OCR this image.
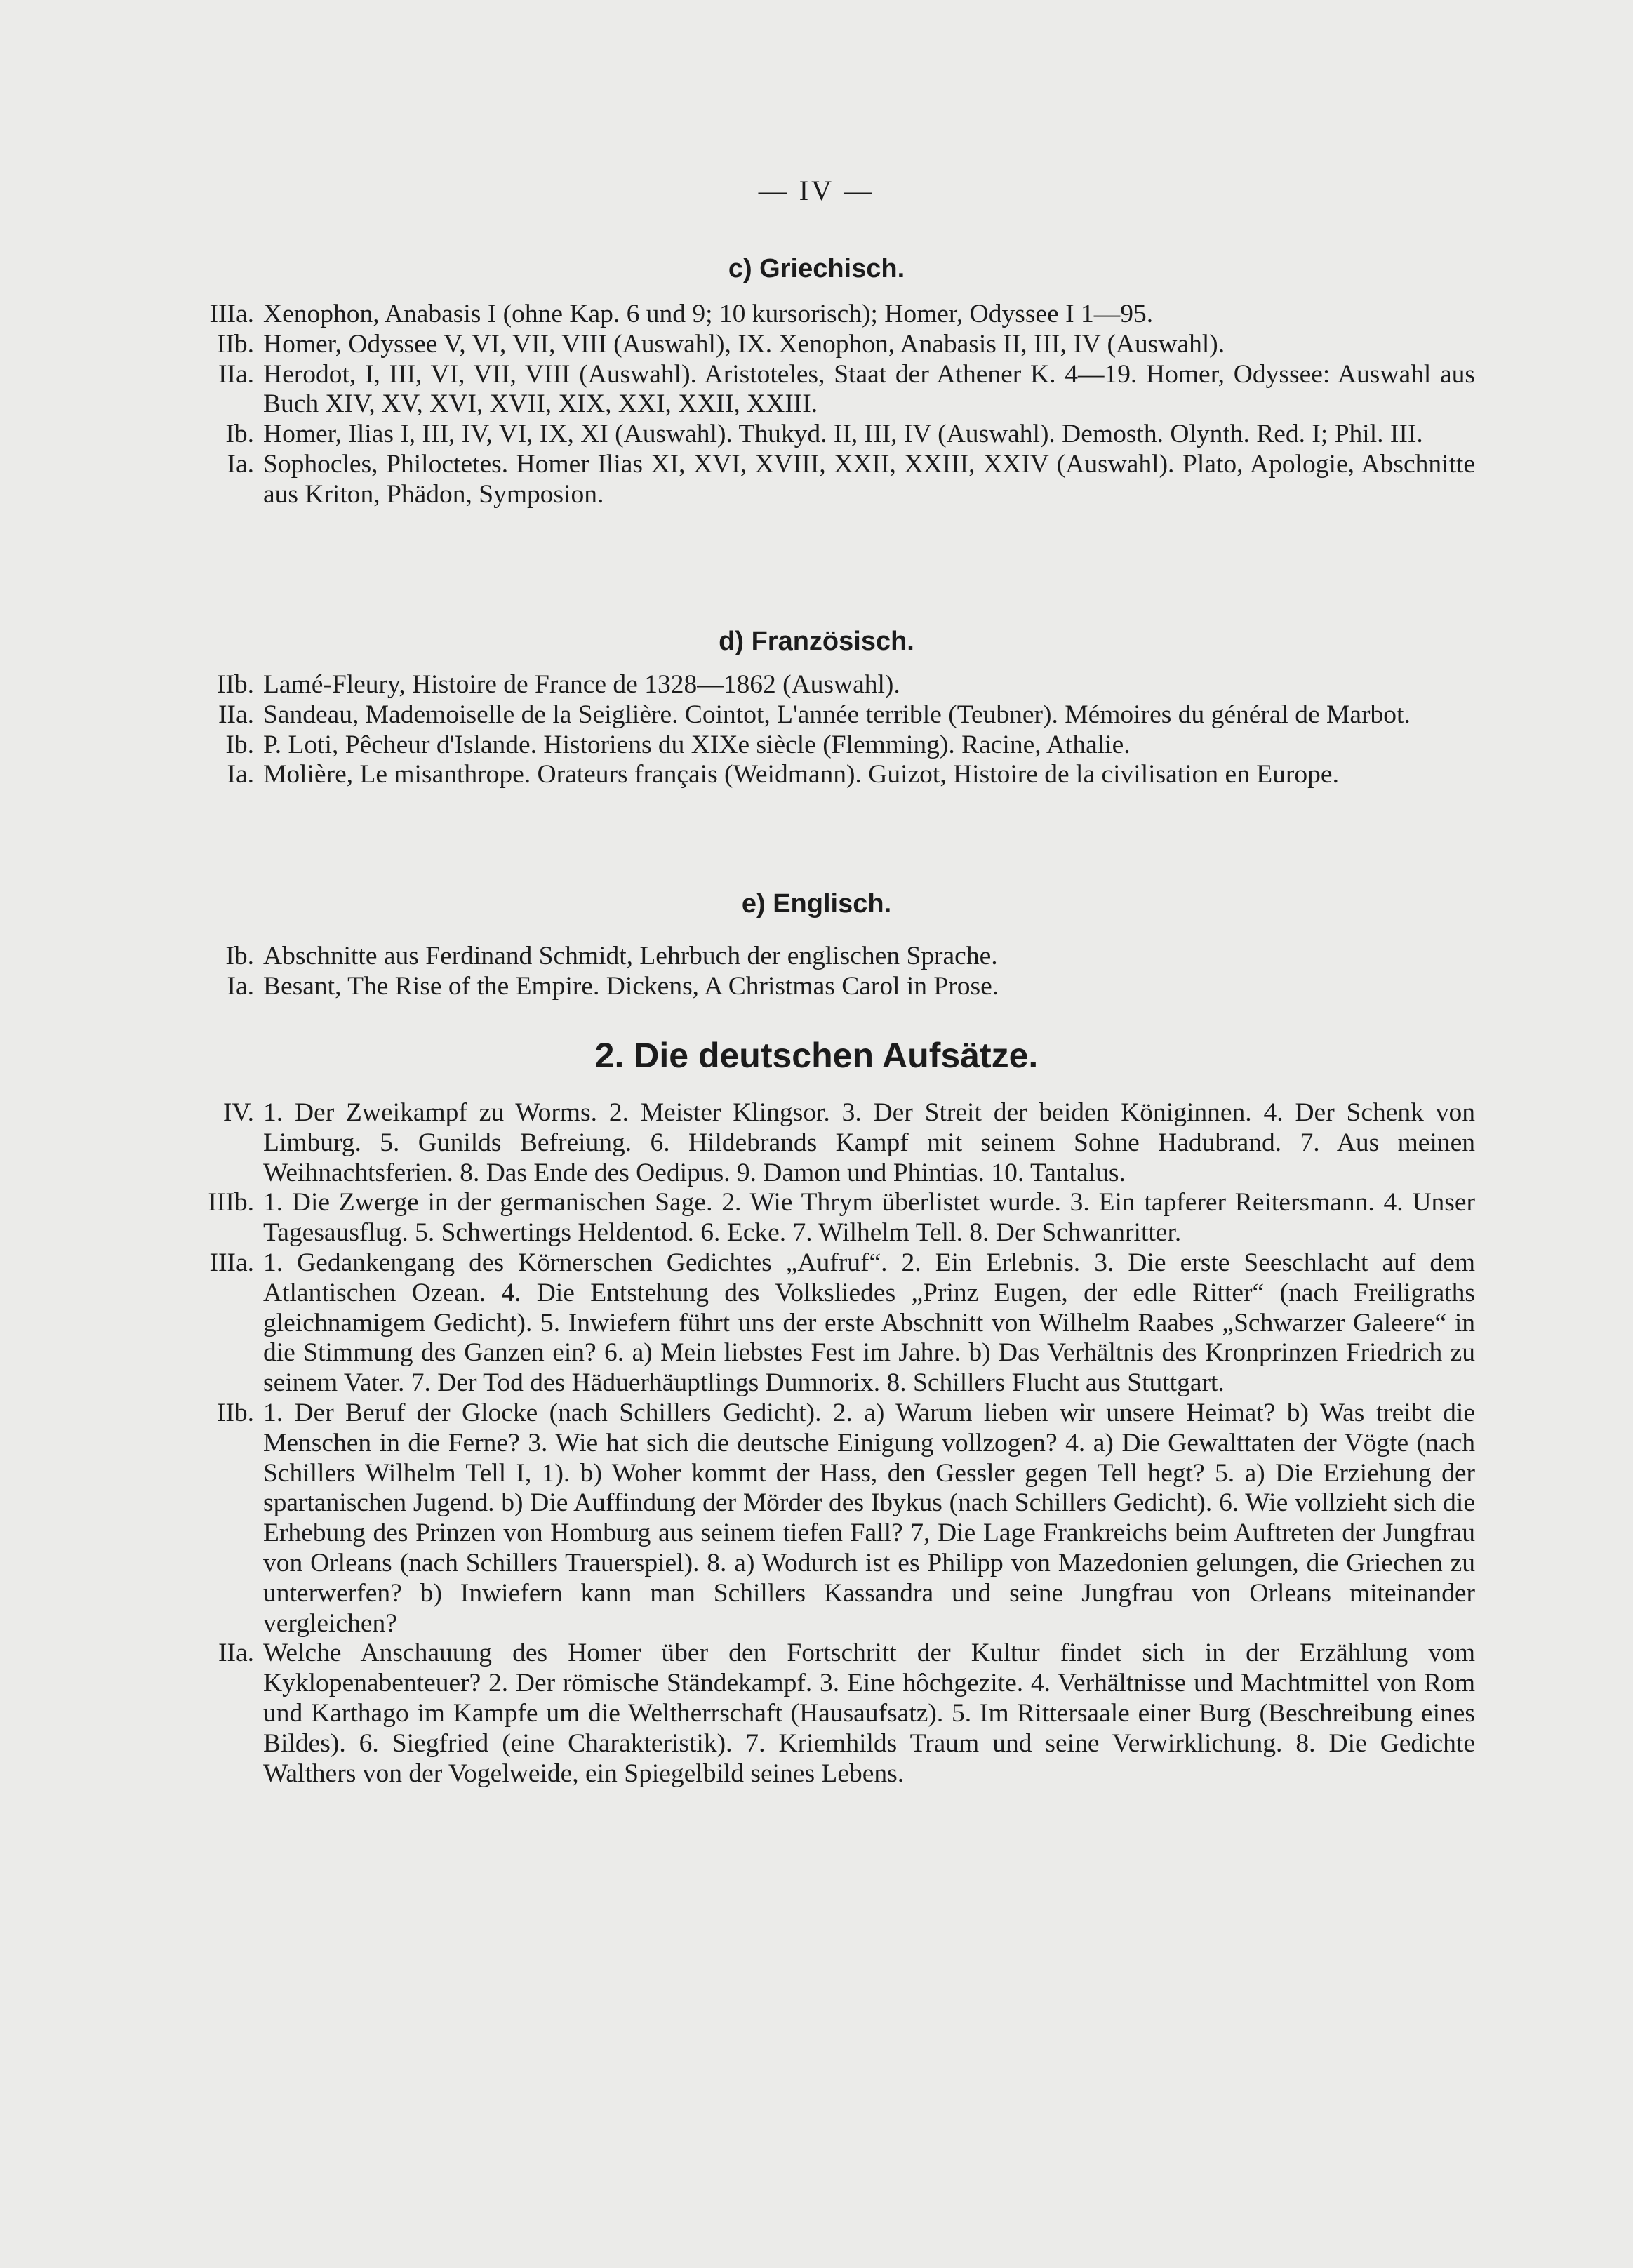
— IV —
c) Griechisch.
IIIa. Xenophon, Anabasis I (ohne Kap. 6 und 9; 10 kursorisch); Homer, Odyssee I 1—95.
IIb. Homer, Odyssee V, VI, VII, VIII (Auswahl), IX. Xenophon, Anabasis II, III, IV (Auswahl).
IIa. Herodot, I, III, VI, VII, VIII (Auswahl). Aristoteles, Staat der Athener K. 4—19. Homer, Odyssee: Auswahl aus Buch XIV, XV, XVI, XVII, XIX, XXI, XXII, XXIII.
Ib. Homer, Ilias I, III, IV, VI, IX, XI (Auswahl). Thukyd. II, III, IV (Auswahl). Demosth. Olynth. Red. I; Phil. III.
Ia. Sophocles, Philoctetes. Homer Ilias XI, XVI, XVIII, XXII, XXIII, XXIV (Auswahl). Plato, Apologie, Abschnitte aus Kriton, Phädon, Symposion.
d) Französisch.
IIb. Lamé-Fleury, Histoire de France de 1328—1862 (Auswahl).
IIa. Sandeau, Mademoiselle de la Seiglière. Cointot, L'année terrible (Teubner). Mémoires du général de Marbot.
Ib. P. Loti, Pêcheur d'Islande. Historiens du XIXe siècle (Flemming). Racine, Athalie.
Ia. Molière, Le misanthrope. Orateurs français (Weidmann). Guizot, Histoire de la civilisation en Europe.
e) Englisch.
Ib. Abschnitte aus Ferdinand Schmidt, Lehrbuch der englischen Sprache.
Ia. Besant, The Rise of the Empire. Dickens, A Christmas Carol in Prose.
2. Die deutschen Aufsätze.
IV. 1. Der Zweikampf zu Worms. 2. Meister Klingsor. 3. Der Streit der beiden Königinnen. 4. Der Schenk von Limburg. 5. Gunilds Befreiung. 6. Hildebrands Kampf mit seinem Sohne Hadubrand. 7. Aus meinen Weihnachtsferien. 8. Das Ende des Oedipus. 9. Damon und Phintias. 10. Tantalus.
IIIb. 1. Die Zwerge in der germanischen Sage. 2. Wie Thrym überlistet wurde. 3. Ein tapferer Reitersmann. 4. Unser Tagesausflug. 5. Schwertings Heldentod. 6. Ecke. 7. Wilhelm Tell. 8. Der Schwanritter.
IIIa. 1. Gedankengang des Körnerschen Gedichtes „Aufruf“. 2. Ein Erlebnis. 3. Die erste Seeschlacht auf dem Atlantischen Ozean. 4. Die Entstehung des Volksliedes „Prinz Eugen, der edle Ritter“ (nach Freiligraths gleichnamigem Gedicht). 5. Inwiefern führt uns der erste Abschnitt von Wilhelm Raabes „Schwarzer Galeere“ in die Stimmung des Ganzen ein? 6. a) Mein liebstes Fest im Jahre. b) Das Verhältnis des Kronprinzen Friedrich zu seinem Vater. 7. Der Tod des Häduerhäuptlings Dumnorix. 8. Schillers Flucht aus Stuttgart.
IIb. 1. Der Beruf der Glocke (nach Schillers Gedicht). 2. a) Warum lieben wir unsere Heimat? b) Was treibt die Menschen in die Ferne? 3. Wie hat sich die deutsche Einigung vollzogen? 4. a) Die Gewalttaten der Vögte (nach Schillers Wilhelm Tell I, 1). b) Woher kommt der Hass, den Gessler gegen Tell hegt? 5. a) Die Erziehung der spartanischen Jugend. b) Die Auffindung der Mörder des Ibykus (nach Schillers Gedicht). 6. Wie vollzieht sich die Erhebung des Prinzen von Homburg aus seinem tiefen Fall? 7, Die Lage Frankreichs beim Auftreten der Jungfrau von Orleans (nach Schillers Trauerspiel). 8. a) Wodurch ist es Philipp von Mazedonien gelungen, die Griechen zu unterwerfen? b) Inwiefern kann man Schillers Kassandra und seine Jungfrau von Orleans miteinander vergleichen?
IIa. Welche Anschauung des Homer über den Fortschritt der Kultur findet sich in der Erzählung vom Kyklopenabenteuer? 2. Der römische Ständekampf. 3. Eine hôchgezite. 4. Verhältnisse und Machtmittel von Rom und Karthago im Kampfe um die Weltherrschaft (Hausaufsatz). 5. Im Rittersaale einer Burg (Beschreibung eines Bildes). 6. Siegfried (eine Charakteristik). 7. Kriemhilds Traum und seine Verwirklichung. 8. Die Gedichte Walthers von der Vogelweide, ein Spiegelbild seines Lebens.
